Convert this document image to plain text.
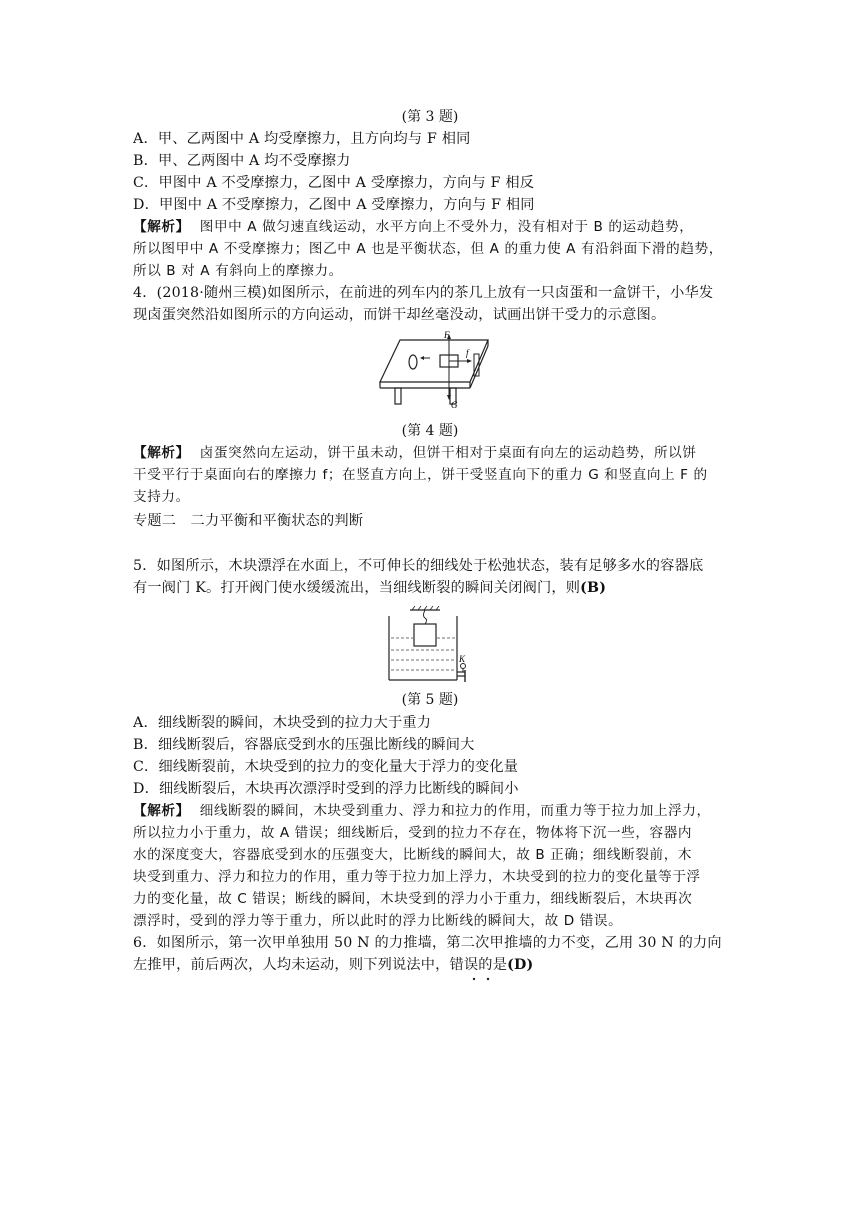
(第 3 题)
A．甲、乙两图中 A 均受摩擦力，且方向均与 F 相同
B．甲、乙两图中 A 均不受摩擦力
C．甲图中 A 不受摩擦力，乙图中 A 受摩擦力，方向与 F 相反
D．甲图中 A 不受摩擦力，乙图中 A 受摩擦力，方向与 F 相同
【解析】 图甲中 A 做匀速直线运动，水平方向上不受外力，没有相对于 B 的运动趋势，
所以图甲中 A 不受摩擦力；图乙中 A 也是平衡状态，但 A 的重力使 A 有沿斜面下滑的趋势，
所以 B 对 A 有斜向上的摩擦力。
4．(2018·随州三模)如图所示，在前进的列车内的茶几上放有一只卤蛋和一盒饼干，小华发
现卤蛋突然沿如图所示的方向运动，而饼干却丝毫没动，试画出饼干受力的示意图。
F
f
G
(第 4 题)
【解析】 卤蛋突然向左运动，饼干虽未动，但饼干相对于桌面有向左的运动趋势，所以饼
干受平行于桌面向右的摩擦力 f；在竖直方向上，饼干受竖直向下的重力 G 和竖直向上 F 的
支持力。
专题二　二力平衡和平衡状态的判断
5．如图所示，木块漂浮在水面上，不可伸长的细线处于松弛状态，装有足够多水的容器底
有一阀门 K。打开阀门使水缓缓流出，当细线断裂的瞬间关闭阀门，则(B)
K
(第 5 题)
A．细线断裂的瞬间，木块受到的拉力大于重力
B．细线断裂后，容器底受到水的压强比断线的瞬间大
C．细线断裂前，木块受到的拉力的变化量大于浮力的变化量
D．细线断裂后，木块再次漂浮时受到的浮力比断线的瞬间小
【解析】 细线断裂的瞬间，木块受到重力、浮力和拉力的作用，而重力等于拉力加上浮力，
所以拉力小于重力，故 A 错误；细线断后，受到的拉力不存在，物体将下沉一些，容器内
水的深度变大，容器底受到水的压强变大，比断线的瞬间大，故 B 正确；细线断裂前，木
块受到重力、浮力和拉力的作用，重力等于拉力加上浮力，木块受到的拉力的变化量等于浮
力的变化量，故 C 错误；断线的瞬间，木块受到的浮力小于重力，细线断裂后，木块再次
漂浮时，受到的浮力等于重力，所以此时的浮力比断线的瞬间大，故 D 错误。
6．如图所示，第一次甲单独用 50 N 的力推墙，第二次甲推墙的力不变，乙用 30 N 的力向
左推甲，前后两次，人均未运动，则下列说法中，错误的是(D)
